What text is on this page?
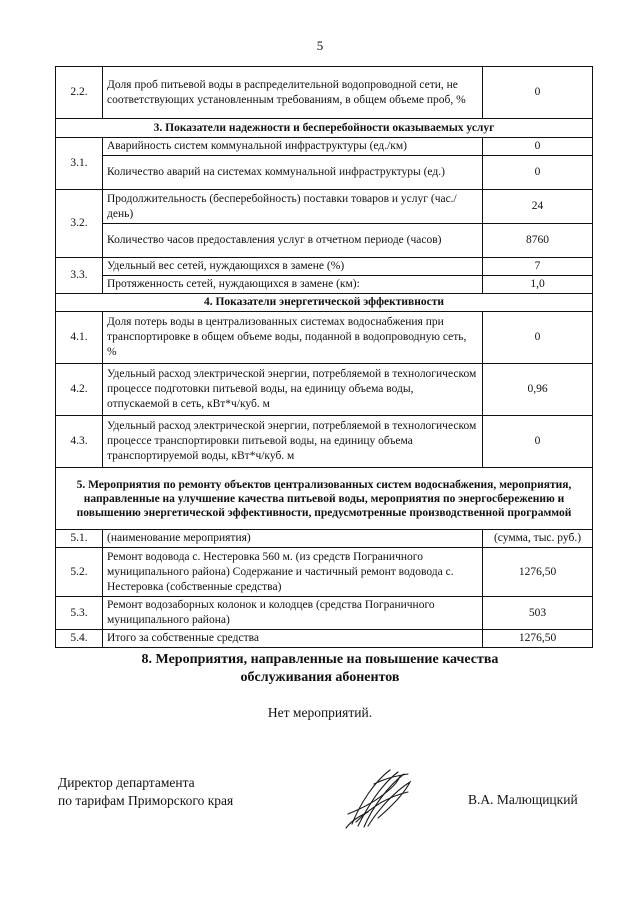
5
2.2.	Доля проб питьевой воды в распределительной водопроводной сети, не соответствующих установленным требованиям, в общем объеме проб, %	0
3. Показатели надежности и бесперебойности оказываемых услуг		
3.1.	Аварийность систем коммунальной инфраструктуры (ед./км)	0
	Количество аварий на системах коммунальной инфраструктуры (ед.)	0
3.2.	Продолжительность (бесперебойность) поставки товаров и услуг (час./день)	24
	Количество часов предоставления услуг в отчетном периоде (часов)	8760
3.3.	Удельный вес сетей, нуждающихся в замене (%)	7
	Протяженность сетей, нуждающихся в замене (км):	1,0
4. Показатели энергетической эффективности		
4.1.	Доля потерь воды в централизованных системах водоснабжения при транспортировке в общем объеме воды, поданной в водопроводную сеть, %	0
4.2.	Удельный расход электрической энергии, потребляемой в технологическом процессе подготовки питьевой воды, на единицу объема воды, отпускаемой в сеть, кВт*ч/куб. м	0,96
4.3.	Удельный расход электрической энергии, потребляемой в технологическом процессе транспортировки питьевой воды, на единицу объема транспортируемой воды, кВт*ч/куб. м	0
5. Мероприятия по ремонту объектов централизованных систем водоснабжения, мероприятия, направленные на улучшение качества питьевой воды, мероприятия по энергосбережению и повышению энергетической эффективности, предусмотренные производственной программой		
5.1.	(наименование мероприятия)	(сумма, тыс. руб.)
5.2.	Ремонт водовода с. Нестеровка 560 м. (из средств Пограничного муниципального района) Содержание и частичный ремонт водовода с. Нестеровка (собственные средства)	1276,50
5.3.	Ремонт водозаборных колонок и колодцев (средства Пограничного муниципального района)	503
5.4.	Итого за собственные средства	1276,50
8. Мероприятия, направленные на повышение качества
обслуживания абонентов
Нет мероприятий.
Директор департамента
по тарифам Приморского края	В.А. Малющицкий
